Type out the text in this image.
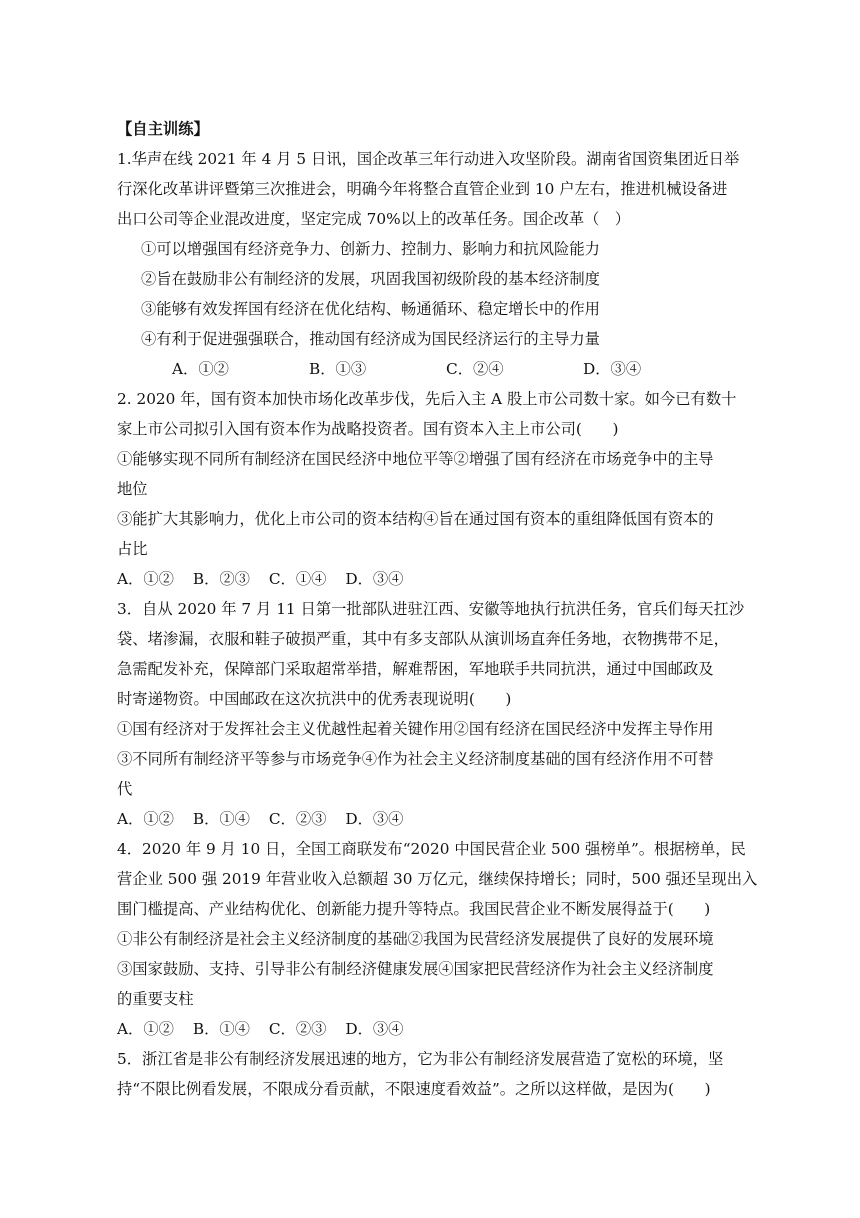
【自主训练】
1.华声在线 2021 年 4 月 5 日讯，国企改革三年行动进入攻坚阶段。湖南省国资集团近日举
行深化改革讲评暨第三次推进会，明确今年将整合直管企业到 10 户左右，推进机械设备进
出口公司等企业混改进度，坚定完成 70%以上的改革任务。国企改革（　）
①可以增强国有经济竞争力、创新力、控制力、影响力和抗风险能力
②旨在鼓励非公有制经济的发展，巩固我国初级阶段的基本经济制度
③能够有效发挥国有经济在优化结构、畅通循环、稳定增长中的作用
④有利于促进强强联合，推动国有经济成为国民经济运行的主导力量
A．①②	B．①③	C．②④	D．③④
2. 2020 年，国有资本加快市场化改革步伐，先后入主 A 股上市公司数十家。如今已有数十
家上市公司拟引入国有资本作为战略投资者。国有资本入主上市公司(　　)
①能够实现不同所有制经济在国民经济中地位平等②增强了国有经济在市场竞争中的主导
地位
③能扩大其影响力，优化上市公司的资本结构④旨在通过国有资本的重组降低国有资本的
占比
A．①② B．②③ C．①④ D．③④
3．自从 2020 年 7 月 11 日第一批部队进驻江西、安徽等地执行抗洪任务，官兵们每天扛沙
袋、堵渗漏，衣服和鞋子破损严重，其中有多支部队从演训场直奔任务地，衣物携带不足，
急需配发补充，保障部门采取超常举措，解难帮困，军地联手共同抗洪，通过中国邮政及
时寄递物资。中国邮政在这次抗洪中的优秀表现说明(　　)
①国有经济对于发挥社会主义优越性起着关键作用②国有经济在国民经济中发挥主导作用
③不同所有制经济平等参与市场竞争④作为社会主义经济制度基础的国有经济作用不可替
代
A．①② B．①④ C．②③ D．③④
4．2020 年 9 月 10 日，全国工商联发布“2020 中国民营企业 500 强榜单”。根据榜单，民
营企业 500 强 2019 年营业收入总额超 30 万亿元，继续保持增长；同时，500 强还呈现出入
围门槛提高、产业结构优化、创新能力提升等特点。我国民营企业不断发展得益于(　　)
①非公有制经济是社会主义经济制度的基础②我国为民营经济发展提供了良好的发展环境
③国家鼓励、支持、引导非公有制经济健康发展④国家把民营经济作为社会主义经济制度
的重要支柱
A．①② B．①④ C．②③ D．③④
5．浙江省是非公有制经济发展迅速的地方，它为非公有制经济发展营造了宽松的环境，坚
持“不限比例看发展，不限成分看贡献，不限速度看效益”。之所以这样做，是因为(　　)
